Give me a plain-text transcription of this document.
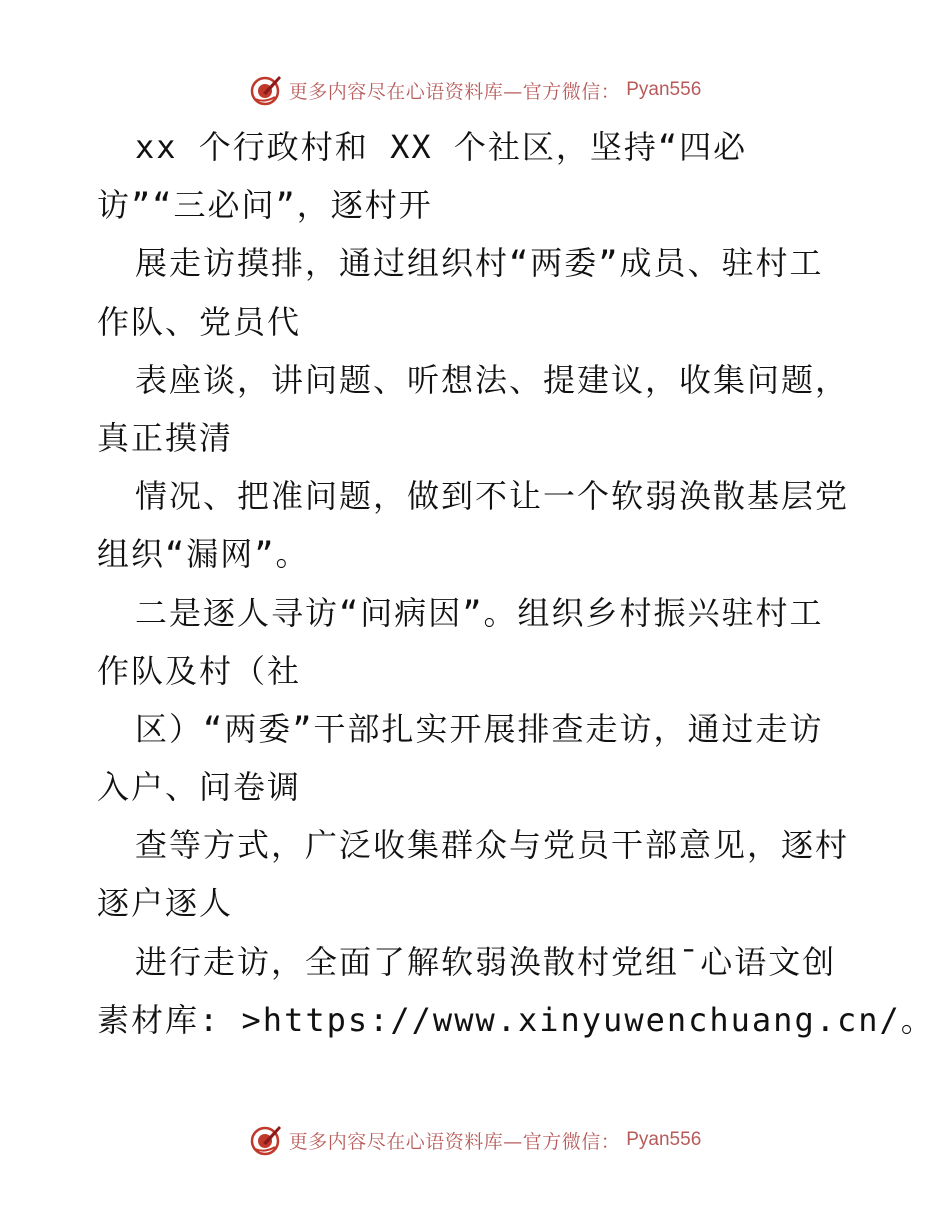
更多内容尽在心语资料库—官方微信： Pyan556
xx 个行政村和 XX 个社区，坚持“四必
访”“三必问”，逐村开
展走访摸排，通过组织村“两委”成员、驻村工
作队、党员代
表座谈，讲问题、听想法、提建议，收集问题，
真正摸清
情况、把准问题，做到不让一个软弱涣散基层党
组织“漏网”。
二是逐人寻访“问病因”。组织乡村振兴驻村工
作队及村（社
区）“两委”干部扎实开展排查走访，通过走访
入户、问卷调
查等方式，广泛收集群众与党员干部意见，逐村
逐户逐人
进行走访，全面了解软弱涣散村党组¯心语文创
素材库: >https://www.xinyuwenchuang.cn/。
更多内容尽在心语资料库—官方微信： Pyan556
